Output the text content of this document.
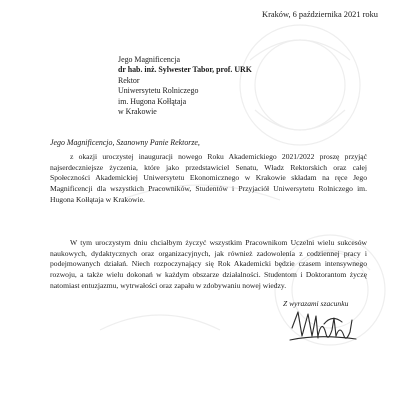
Kraków, 6 października 2021 roku
Jego Magnificencja
dr hab. inż. Sylwester Tabor, prof. URK
Rektor
Uniwersytetu Rolniczego
im. Hugona Kołłątaja
w Krakowie
Jego Magnificencjo, Szanowny Panie Rektorze,

z okazji uroczystej inauguracji nowego Roku Akademickiego 2021/2022 proszę przyjąć najserdeczniejsze życzenia, które jako przedstawiciel Senatu, Władz Rektorskich oraz całej Społeczności Akademickiej Uniwersytetu Ekonomicznego w Krakowie składam na ręce Jego Magnificencji dla wszystkich Pracowników, Studentów i Przyjaciół Uniwersytetu Rolniczego im. Hugona Kołłątaja w Krakowie.

W tym uroczystym dniu chciałbym życzyć wszystkim Pracownikom Uczelni wielu sukcesów naukowych, dydaktycznych oraz organizacyjnych, jak również zadowolenia z codziennej pracy i podejmowanych działań. Niech rozpoczynający się Rok Akademicki będzie czasem intensywnego rozwoju, a także wielu dokonań w każdym obszarze działalności. Studentom i Doktorantom życzę natomiast entuzjazmu, wytrwałości oraz zapału w zdobywaniu nowej wiedzy.

Z wyrazami szacunku
